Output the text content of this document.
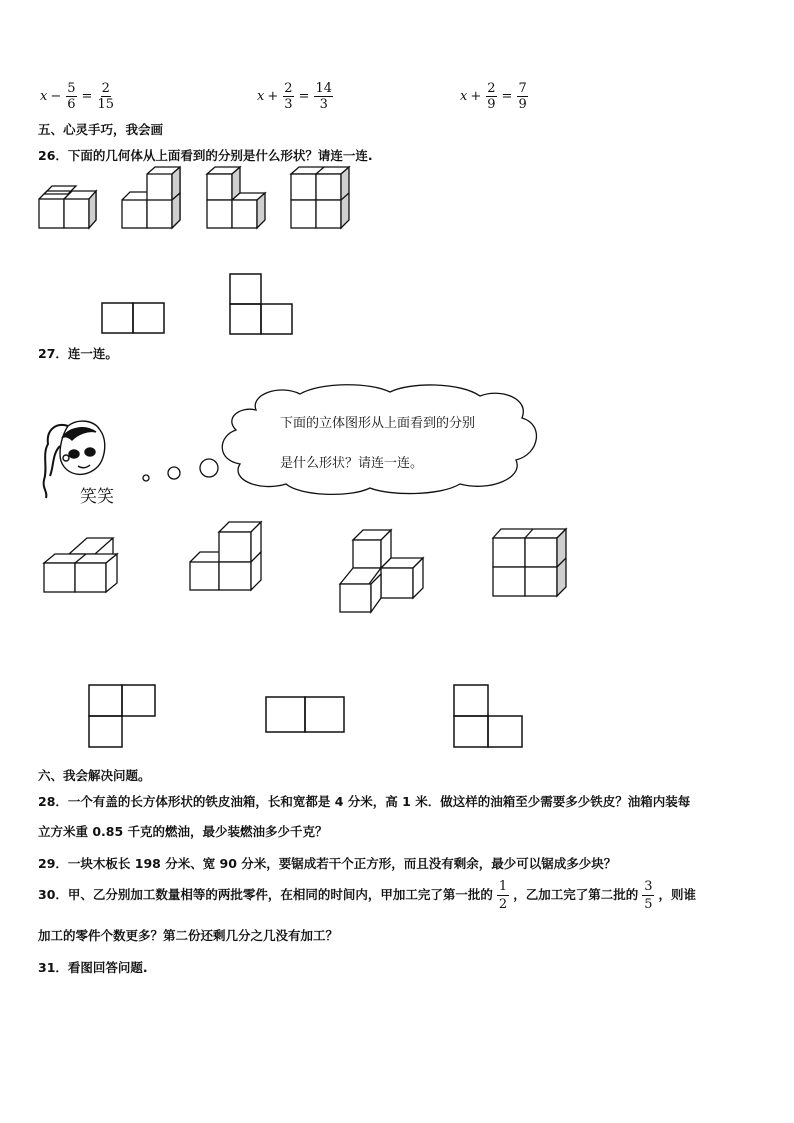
$x - \frac{5}{6} = \frac{2}{15}$	$x + \frac{2}{3} = \frac{14}{3}$	$x + \frac{2}{9} = \frac{7}{9}$
五、心灵手巧，我会画
26．下面的几何体从上面看到的分别是什么形状？请连一连.
27．连一连。
笑笑
下面的立体图形从上面看到的分别
是什么形状？请连一连。
六、我会解决问题。
28．一个有盖的长方体形状的铁皮油箱，长和宽都是 4 分米，高 1 米．做这样的油箱至少需要多少铁皮？油箱内装每
立方米重 0.85 千克的燃油，最少装燃油多少千克？
29．一块木板长 198 分米、宽 90 分米，要锯成若干个正方形，而且没有剩余，最少可以锯成多少块？
30．甲、乙分别加工数量相等的两批零件，在相同的时间内，甲加工完了第一批的 $\frac{1}{2}$ ，乙加工完了第二批的 $\frac{3}{5}$ ，则谁
加工的零件个数更多？第二份还剩几分之几没有加工？
31．看图回答问题.
